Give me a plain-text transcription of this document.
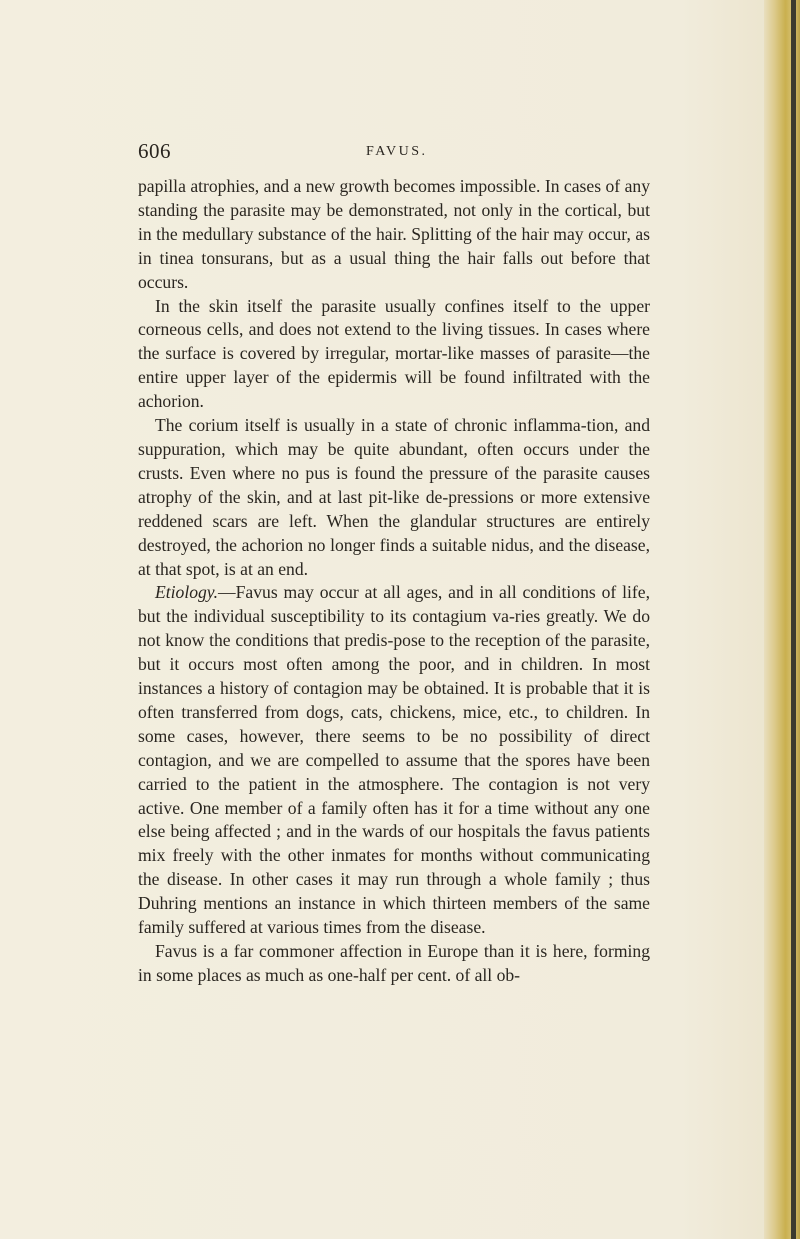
606	FAVUS.

papilla atrophies, and a new growth becomes impossible. In cases of any standing the parasite may be demonstrated, not only in the cortical, but in the medullary substance of the hair. Splitting of the hair may occur, as in tinea tonsurans, but as a usual thing the hair falls out before that occurs.

In the skin itself the parasite usually confines itself to the upper corneous cells, and does not extend to the living tissues. In cases where the surface is covered by irregular, mortar-like masses of parasite—the entire upper layer of the epidermis will be found infiltrated with the achorion.

The corium itself is usually in a state of chronic inflamma-tion, and suppuration, which may be quite abundant, often occurs under the crusts. Even where no pus is found the pressure of the parasite causes atrophy of the skin, and at last pit-like de-pressions or more extensive reddened scars are left. When the glandular structures are entirely destroyed, the achorion no longer finds a suitable nidus, and the disease, at that spot, is at an end.

Etiology.—Favus may occur at all ages, and in all conditions of life, but the individual susceptibility to its contagium va-ries greatly. We do not know the conditions that predis-pose to the reception of the parasite, but it occurs most often among the poor, and in children. In most instances a history of contagion may be obtained. It is probable that it is often transferred from dogs, cats, chickens, mice, etc., to children. In some cases, however, there seems to be no possibility of direct contagion, and we are compelled to assume that the spores have been carried to the patient in the atmosphere. The contagion is not very active. One member of a family often has it for a time without any one else being affected ; and in the wards of our hospitals the favus patients mix freely with the other inmates for months without communicating the disease. In other cases it may run through a whole family ; thus Duhring mentions an instance in which thirteen members of the same family suffered at various times from the disease.

Favus is a far commoner affection in Europe than it is here, forming in some places as much as one-half per cent. of all ob-
